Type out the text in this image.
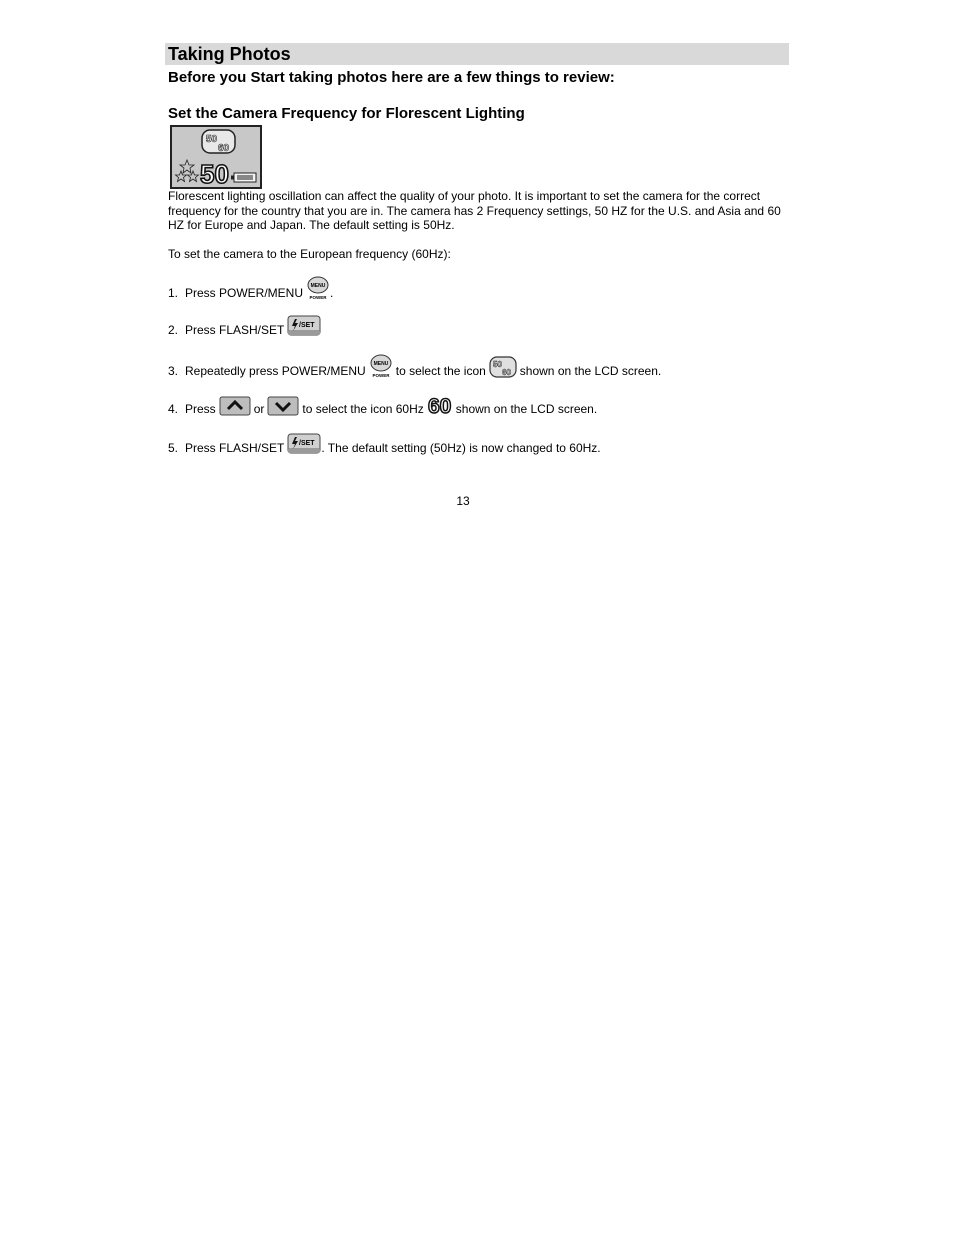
Taking Photos
Before you Start taking photos here are a few things to review:
Set the Camera Frequency for Florescent Lighting
50
60
50
Florescent lighting oscillation can affect the quality of your photo. It is important to set the camera for the correct frequency for the country that you are in. The camera has 2 Frequency settings, 50 HZ for the U.S. and Asia and 60 HZ for Europe and Japan. The default setting is 50Hz.
To set the camera to the European frequency (60Hz):
1. Press POWER/MENU MENU
POWER .
2. Press FLASH/SET /SET
3. Repeatedly press POWER/MENU MENU
POWER to select the icon 50
60 shown on the LCD screen.
4. Press	or	to select the icon 60Hz 60 shown on the LCD screen.
5. Press FLASH/SET /SET . The default setting (50Hz) is now changed to 60Hz.
13
